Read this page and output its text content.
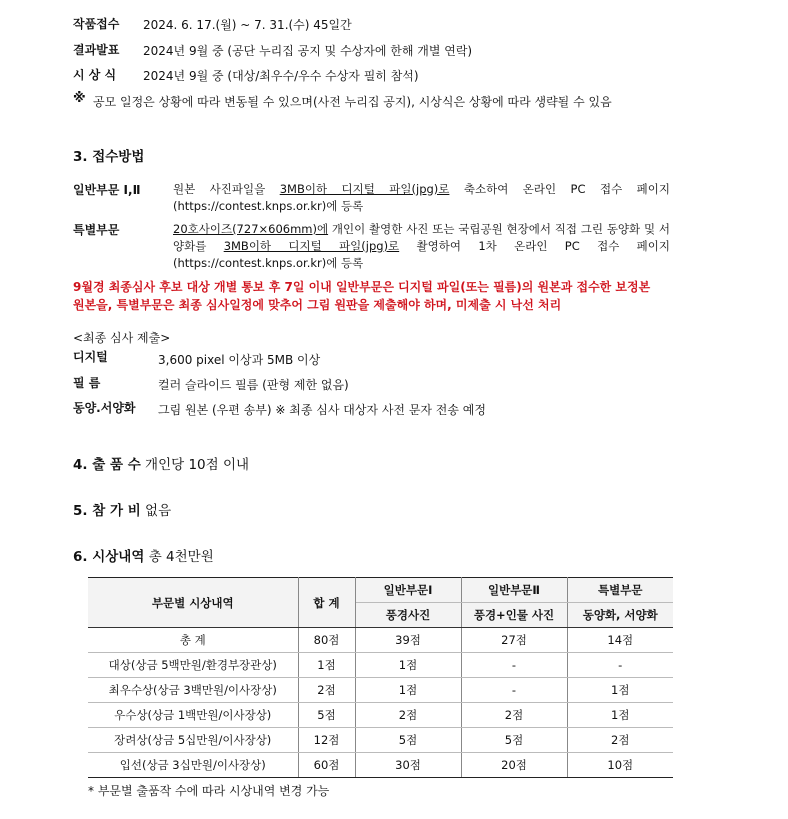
작품접수 2024. 6. 17.(월) ~ 7. 31.(수) 45일간
결과발표 2024년 9월 중 (공단 누리집 공지 및 수상자에 한해 개별 연락)
시 상 식 2024년 9월 중 (대상/최우수/우수 수상자 필히 참석)
※ 공모 일정은 상황에 따라 변동될 수 있으며(사전 누리집 공지), 시상식은 상황에 따라 생략될 수 있음
3. 접수방법
일반부문 Ⅰ,Ⅱ	원본 사진파일을 3MB이하 디지털 파일(jpg)로 축소하여 온라인 PC 접수 페이지 (https://contest.knps.or.kr)에 등록
특별부문	20호사이즈(727×606mm)에 개인이 촬영한 사진 또는 국립공원 현장에서 직접 그린 동양화 및 서양화를 3MB이하 디지털 파일(jpg)로 촬영하여 1차 온라인 PC 접수 페이지 (https://contest.knps.or.kr)에 등록
9월경 최종심사 후보 대상 개별 통보 후 7일 이내 일반부문은 디지털 파일(또는 필름)의 원본과 접수한 보정본
원본을, 특별부문은 최종 심사일정에 맞추어 그림 원판을 제출해야 하며, 미제출 시 낙선 처리
<최종 심사 제출>
디지털	3,600 pixel 이상과 5MB 이상
필 름	컬러 슬라이드 필름 (판형 제한 없음)
동양.서양화 그림 원본 (우편 송부) ※ 최종 심사 대상자 사전 문자 전송 예정
4. 출 품 수 개인당 10점 이내
5. 참 가 비 없음
6. 시상내역 총 4천만원
부문별 시상내역	합 계	일반부문Ⅰ	일반부문Ⅱ	특별부문
		풍경사진	풍경+인물 사진	동양화, 서양화
총 계	80점	39점	27점	14점
대상(상금 5백만원/환경부장관상)	1점	1점	-	-
최우수상(상금 3백만원/이사장상)	2점	1점	-	1점
우수상(상금 1백만원/이사장상)	5점	2점	2점	1점
장려상(상금 5십만원/이사장상)	12점	5점	5점	2점
입선(상금 3십만원/이사장상)	60점	30점	20점	10점
* 부문별 출품작 수에 따라 시상내역 변경 가능
